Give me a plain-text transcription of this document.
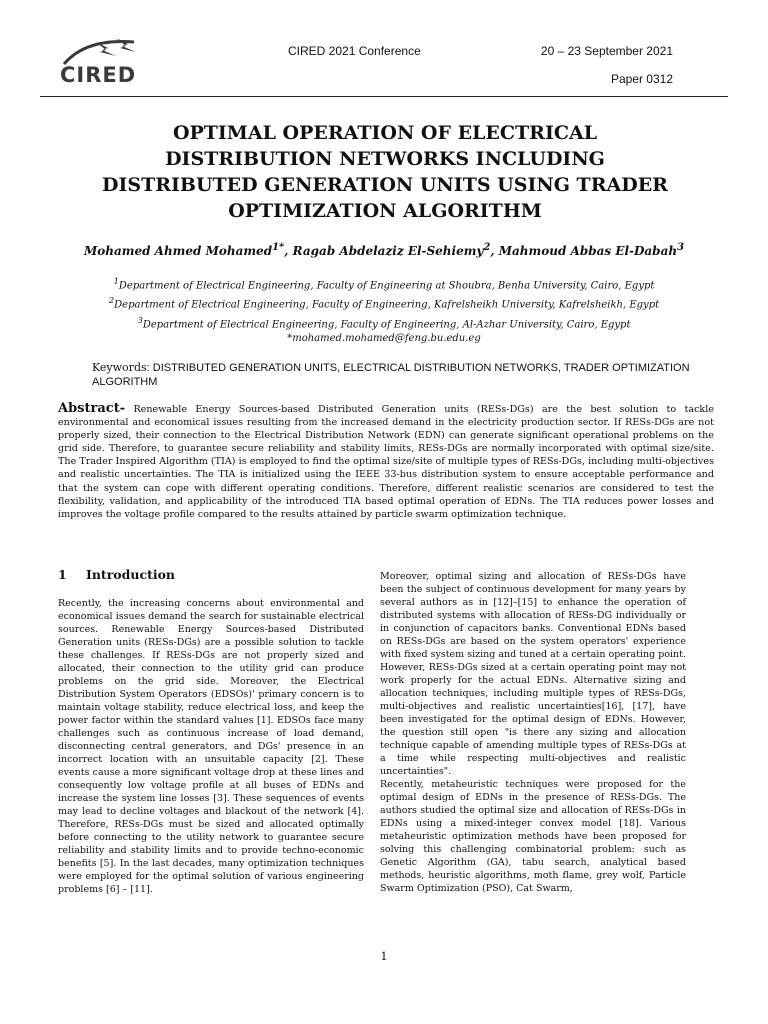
CIRED
CIRED 2021 Conference	20 – 23 September 2021
Paper 0312
OPTIMAL OPERATION OF ELECTRICAL DISTRIBUTION NETWORKS INCLUDING DISTRIBUTED GENERATION UNITS USING TRADER OPTIMIZATION ALGORITHM
Mohamed Ahmed Mohamed$^{1*}$, Ragab Abdelaziz El-Sehiemy$^2$, Mahmoud Abbas El-Dabah$^3$
$^1$Department of Electrical Engineering, Faculty of Engineering at Shoubra, Benha University, Cairo, Egypt
$^2$Department of Electrical Engineering, Faculty of Engineering, Kafrelsheikh University, Kafrelsheikh, Egypt
$^3$Department of Electrical Engineering, Faculty of Engineering, Al-Azhar University, Cairo, Egypt
*mohamed.mohamed@feng.bu.edu.eg
Keywords: DISTRIBUTED GENERATION UNITS, ELECTRICAL DISTRIBUTION NETWORKS, TRADER OPTIMIZATION ALGORITHM
Abstract- Renewable Energy Sources-based Distributed Generation units (RESs-DGs) are the best solution to tackle environmental and economical issues resulting from the increased demand in the electricity production sector. If RESs-DGs are not properly sized, their connection to the Electrical Distribution Network (EDN) can generate significant operational problems on the grid side. Therefore, to guarantee secure reliability and stability limits, RESs-DGs are normally incorporated with optimal size/site. The Trader Inspired Algorithm (TIA) is employed to find the optimal size/site of multiple types of RESs-DGs, including multi-objectives and realistic uncertainties. The TIA is initialized using the IEEE 33-bus distribution system to ensure acceptable performance and that the system can cope with different operating conditions. Therefore, different realistic scenarios are considered to test the flexibility, validation, and applicability of the introduced TIA based optimal operation of EDNs. The TIA reduces power losses and improves the voltage profile compared to the results attained by particle swarm optimization technique.
1 Introduction

Recently, the increasing concerns about environmental and economical issues demand the search for sustainable electrical sources. Renewable Energy Sources-based Distributed Generation units (RESs-DGs) are a possible solution to tackle these challenges. If RESs-DGs are not properly sized and allocated, their connection to the utility grid can produce problems on the grid side. Moreover, the Electrical Distribution System Operators (EDSOs)' primary concern is to maintain voltage stability, reduce electrical loss, and keep the power factor within the standard values [1]. EDSOs face many challenges such as continuous increase of load demand, disconnecting central generators, and DGs' presence in an incorrect location with an unsuitable capacity [2]. These events cause a more significant voltage drop at these lines and consequently low voltage profile at all buses of EDNs and increase the system line losses [3]. These sequences of events may lead to decline voltages and blackout of the network [4]. Therefore, RESs-DGs must be sized and allocated optimally before connecting to the utility network to guarantee secure reliability and stability limits and to provide techno-economic benefits [5]. In the last decades, many optimization techniques were employed for the optimal solution of various engineering problems [6] – [11].

Moreover, optimal sizing and allocation of RESs-DGs have been the subject of continuous development for many years by several authors as in [12]–[15] to enhance the operation of distributed systems with allocation of RESs-DG individually or in conjunction of capacitors banks. Conventional EDNs based on RESs-DGs are based on the system operators' experience with fixed system sizing and tuned at a certain operating point. However, RESs-DGs sized at a certain operating point may not work properly for the actual EDNs. Alternative sizing and allocation techniques, including multiple types of RESs-DGs, multi-objectives and realistic uncertainties[16], [17], have been investigated for the optimal design of EDNs. However, the question still open "is there any sizing and allocation technique capable of amending multiple types of RESs-DGs at a time while respecting multi-objectives and realistic uncertainties".

Recently, metaheuristic techniques were proposed for the optimal design of EDNs in the presence of RESs-DGs. The authors studied the optimal size and allocation of RESs-DGs in EDNs using a mixed-integer convex model [18]. Various metaheuristic optimization methods have been proposed for solving this challenging combinatorial problem: such as Genetic Algorithm (GA), tabu search, analytical based methods, heuristic algorithms, moth flame, grey wolf, Particle Swarm Optimization (PSO), Cat Swarm,

1
